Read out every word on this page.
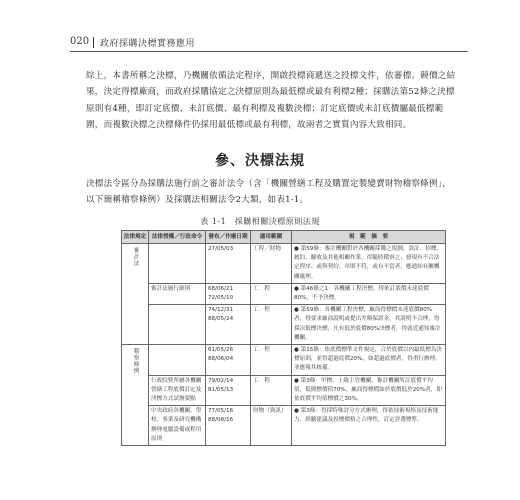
020 政府採購決標實務應用
綜上，本書所稱之決標，乃機關依循法定程序，開啟投標商遞送之投標文件，依審標、競價之結果，決定得標廠商，而政府採購協定之決標原則為最低標或最有利標2種；採購法第52條之決標原則有4種，即訂定底價、未訂底價、最有利標及複數決標；訂定底價或未訂底價屬最低標範圍，而複數決標之決標條件仍採用最低標或最有利標，故兩者之實質內容大致相同。
參、決標法規
決標法令區分為採購法施行前之審計法令（含「機關營繕工程及購置定製變賣財物稽察條例」，以下簡稱稽察條例）及採購法相關法令2大類，如表1-1。
表 1-1　採購相關決標原則法規
法律規定	法律授權／行政命令	發布／作廢日期	適用範圍	規　範　摘　要
審計法		27/05/03	工程／財物	● 第59條：審計機關對於各機關採購之規劃、設計、招標、履約、驗收及其他相關作業，得隨時稽察之；發現有不合法定程序、或與契約、章則不符，或有不當者，應通知有關機關處理。
	審計法施行細則	68/06/21
72/05/10	工　程	● 第46條之1：各機關工程決標，得依訂底價未達底價80%，不予決標。
		74/12/31
88/05/24	工　程	● 第59條：各機關工程決標，廠商得標價未達底價80%者，得要求廠商說明或提出差額保證金，其說明不合理，得採次低標決標，凡有低於底價80%決標者，得就近通知審計機關。
稽察條例		61/05/26
88/06/04	工　程	● 第15條：依底價標準文件規定，合於底價以內最低標為決標原則，並得超過底價20%，如超過底價者，得重行辦理，並應報其核備。
	行政院暨所屬各機關營繕工程底價訂定及決標方式試辦要點	79/02/14
81/05/13	工　程	● 第3條：甲標、上級主管機關、審計機關所訂底價平均值，低開標價值70%。廠商得標價如於底價低於20%者，即依底價平均值標價之30%。
	中央政府各機關、學校、事業及研究機構辦理電腦設備或程用原則	77/05/16
88/08/16	財物（資訊）	● 第3條：得採特殊評分方式辦理，得依技術規格及技術能力、經驗建議及投標價格之合理性，訂定評選標準。
